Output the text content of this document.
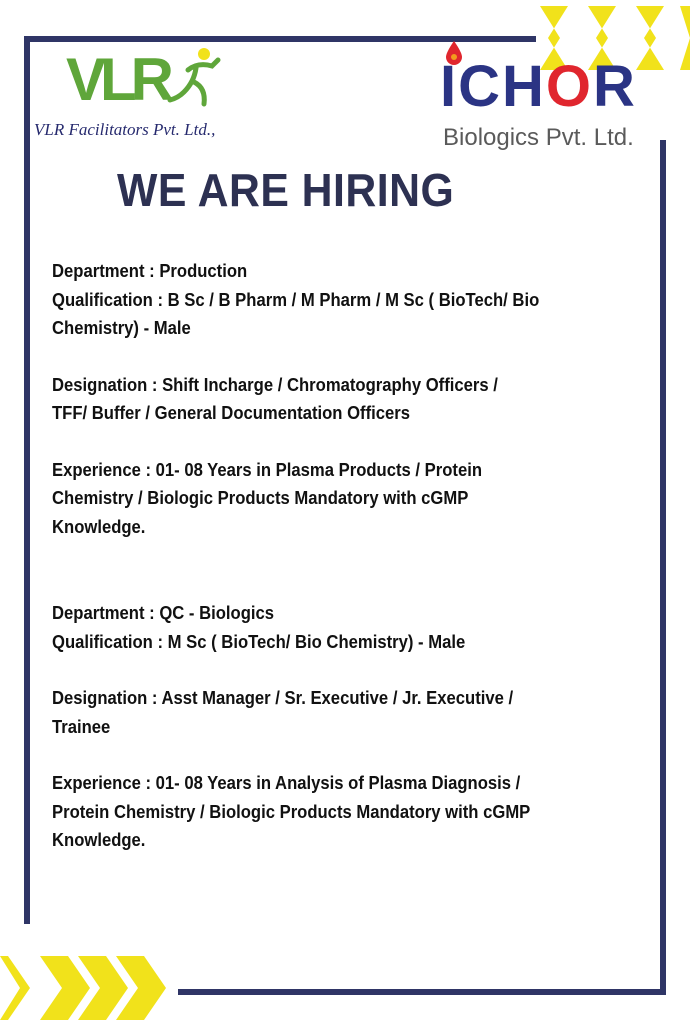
VLR
VLR Facilitators Pvt. Ltd.,
ICHOR
Biologics Pvt. Ltd.
WE ARE HIRING
Department : Production
Qualification : B Sc / B Pharm / M Pharm / M Sc ( BioTech/ Bio
Chemistry) - Male
Designation : Shift Incharge / Chromatography Officers /
TFF/ Buffer / General Documentation Officers
Experience : 01- 08 Years in Plasma Products / Protein
Chemistry / Biologic Products Mandatory with cGMP
Knowledge.
Department : QC - Biologics
Qualification : M Sc ( BioTech/ Bio Chemistry) - Male
Designation : Asst Manager / Sr. Executive / Jr. Executive /
Trainee
Experience : 01- 08 Years in Analysis of Plasma Diagnosis /
Protein Chemistry / Biologic Products Mandatory with cGMP
Knowledge.
